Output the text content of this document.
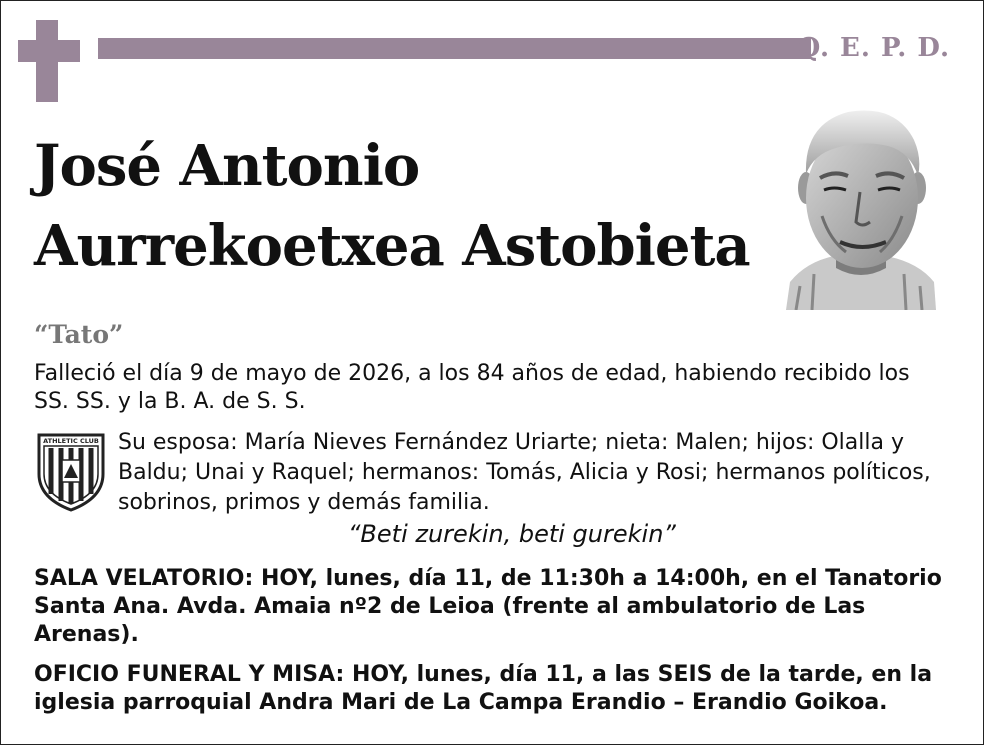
Q. E. P. D.
José Antonio
Aurrekoetxea Astobieta

“Tato”

Falleció el día 9 de mayo de 2026, a los 84 años de edad, habiendo recibido los SS. SS. y la B. A. de S. S.

ATHLETIC CLUB Su esposa: María Nieves Fernández Uriarte; nieta: Malen; hijos: Olalla y Baldu; Unai y Raquel; hermanos: Tomás, Alicia y Rosi; hermanos políticos, sobrinos, primos y demás familia.

“Beti zurekin, beti gurekin”

SALA VELATORIO: HOY, lunes, día 11, de 11:30h a 14:00h, en el Tanatorio Santa Ana. Avda. Amaia nº2 de Leioa (frente al ambulatorio de Las Arenas).

OFICIO FUNERAL Y MISA: HOY, lunes, día 11, a las SEIS de la tarde, en la iglesia parroquial Andra Mari de La Campa Erandio – Erandio Goikoa.
